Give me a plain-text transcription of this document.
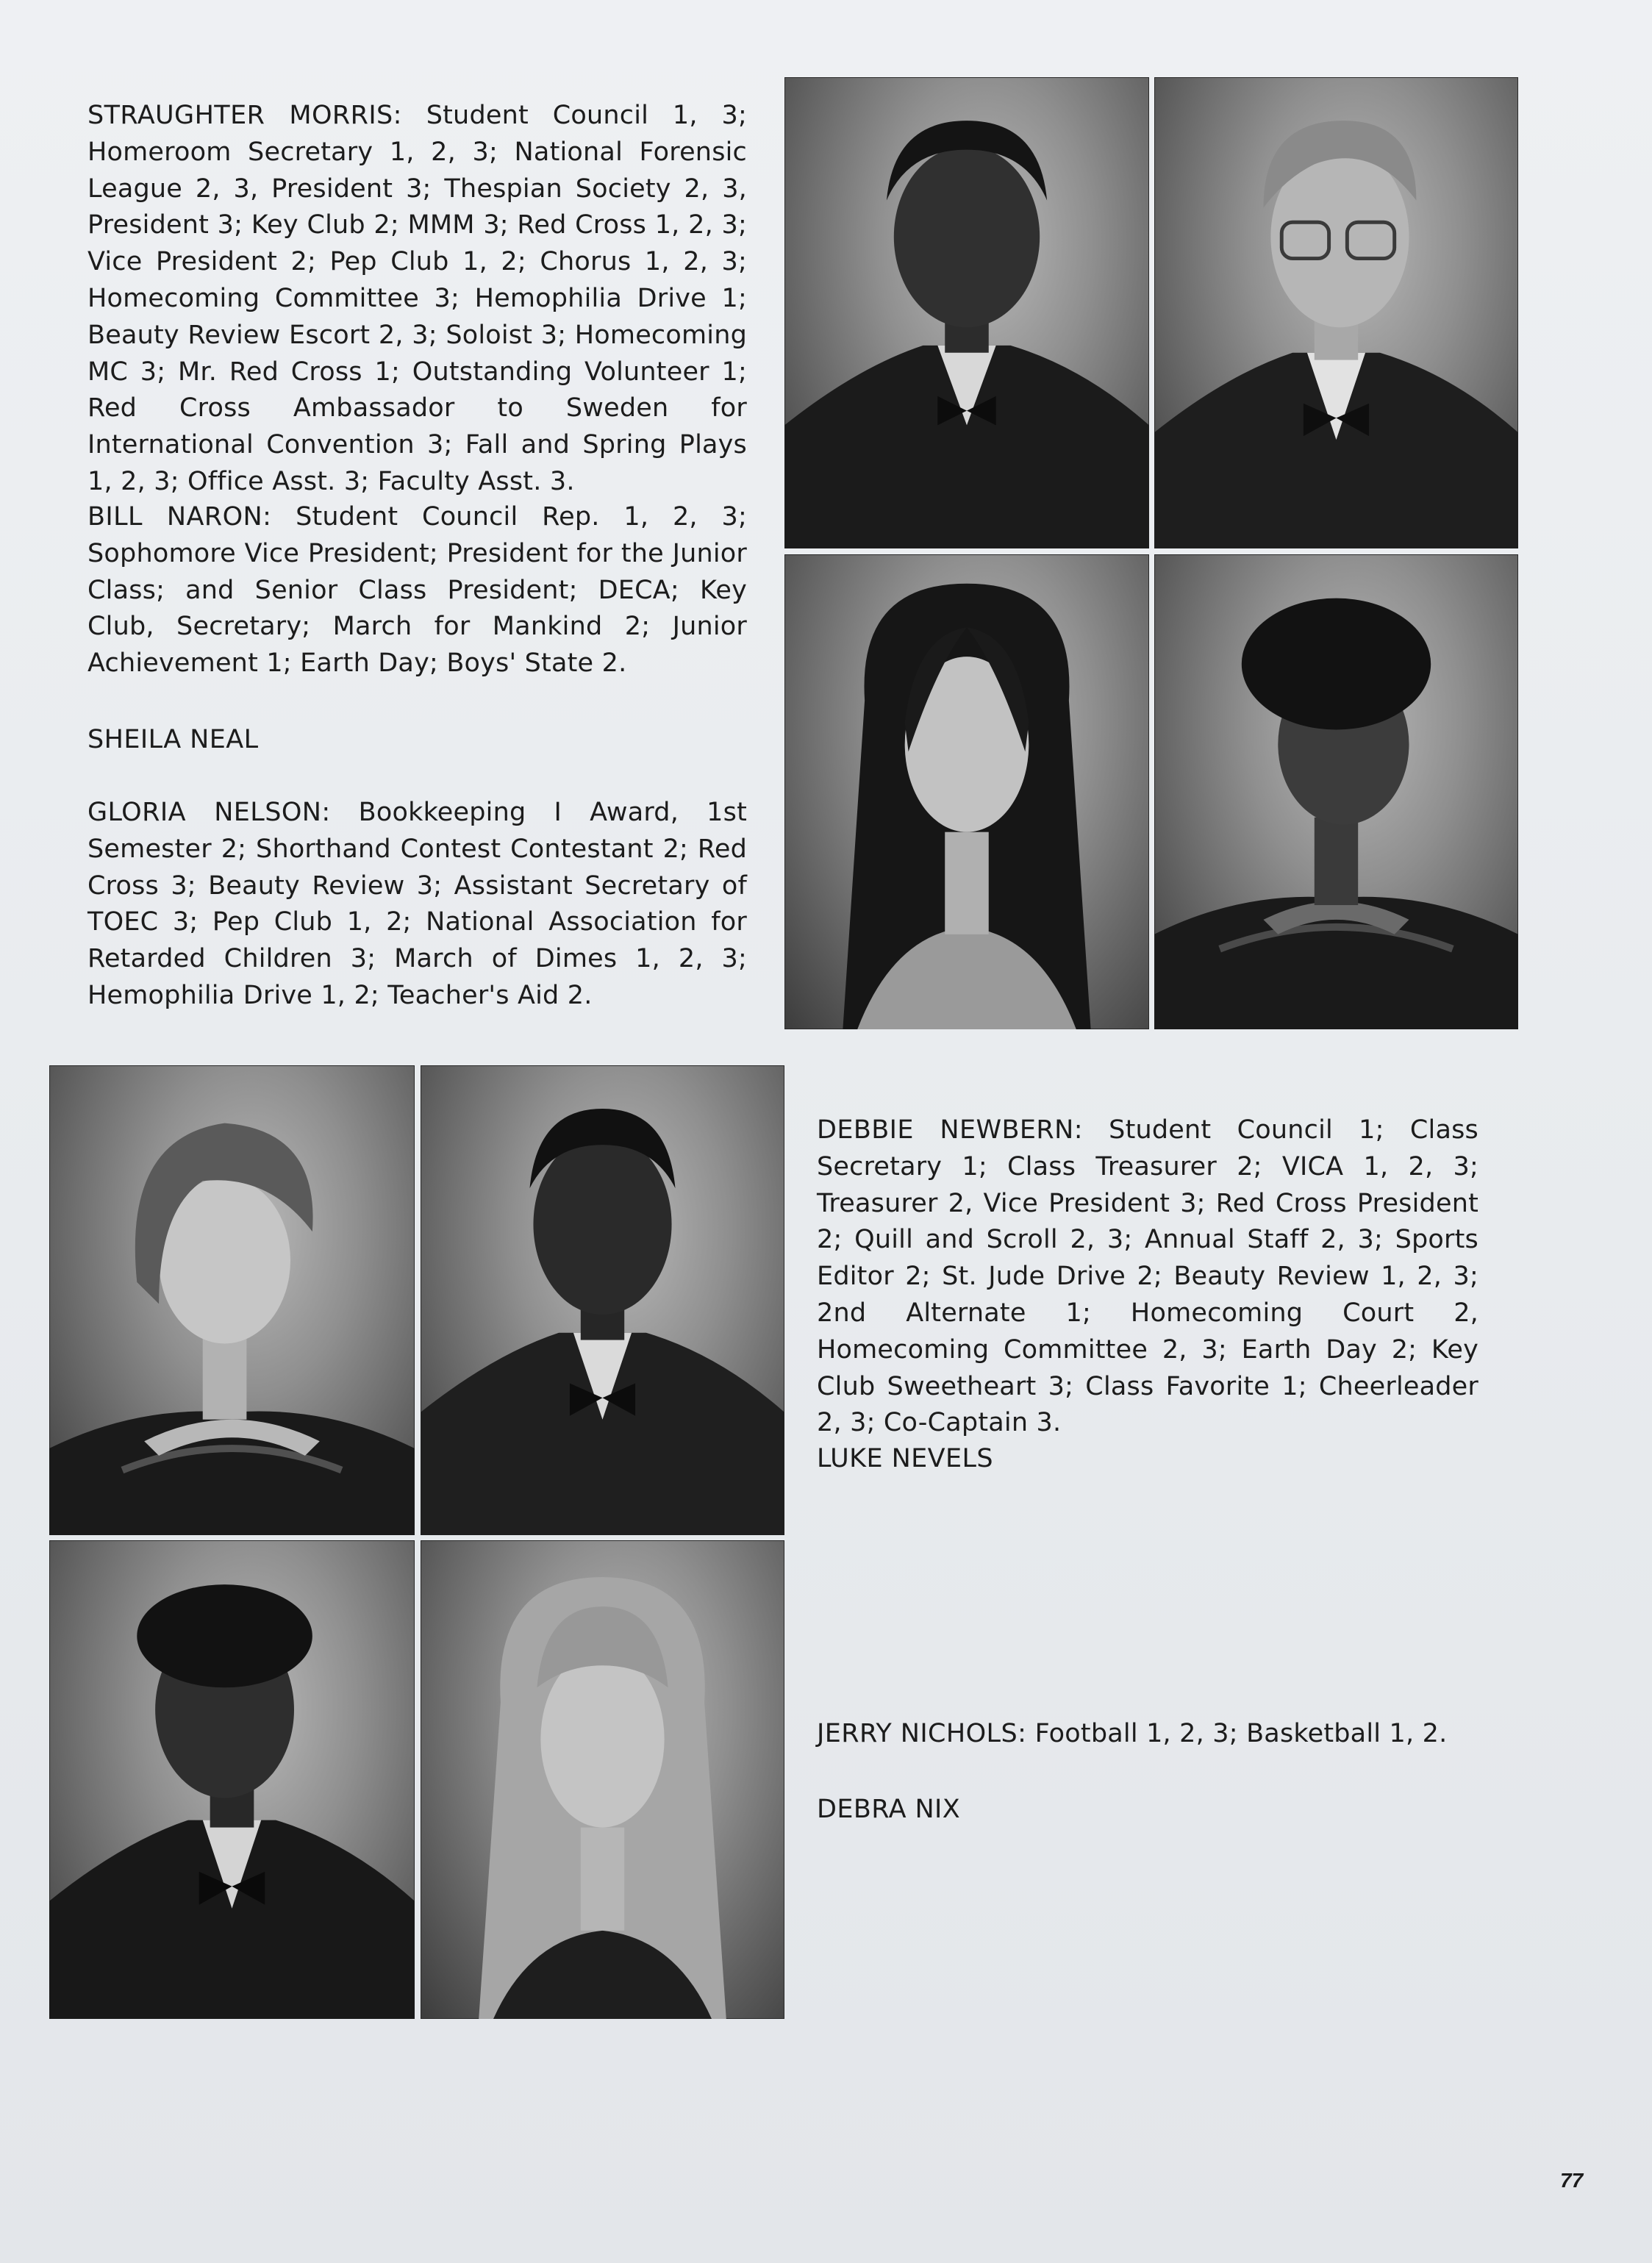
STRAUGHTER MORRIS: Student Council 1, 3; Homeroom Secretary 1, 2, 3; National Forensic League 2, 3, President 3; Thespian Society 2, 3, President 3; Key Club 2; MMM 3; Red Cross 1, 2, 3; Vice President 2; Pep Club 1, 2; Chorus 1, 2, 3; Homecoming Committee 3; Hemophilia Drive 1; Beauty Review Escort 2, 3; Soloist 3; Homecoming MC 3; Mr. Red Cross 1; Outstanding Volunteer 1; Red Cross Ambassador to Sweden for International Convention 3; Fall and Spring Plays 1, 2, 3; Office Asst. 3; Faculty Asst. 3.

BILL NARON: Student Council Rep. 1, 2, 3; Sophomore Vice President; President for the Junior Class; and Senior Class President; DECA; Key Club, Secretary; March for Mankind 2; Junior Achievement 1; Earth Day; Boys' State 2.

SHEILA NEAL

GLORIA NELSON: Bookkeeping I Award, 1st Semester 2; Shorthand Contest Contestant 2; Red Cross 3; Beauty Review 3; Assistant Secretary of TOEC 3; Pep Club 1, 2; National Association for Retarded Children 3; March of Dimes 1, 2, 3; Hemophilia Drive 1, 2; Teacher's Aid 2.

DEBBIE NEWBERN: Student Council 1; Class Secretary 1; Class Treasurer 2; VICA 1, 2, 3; Treasurer 2, Vice President 3; Red Cross President 2; Quill and Scroll 2, 3; Annual Staff 2, 3; Sports Editor 2; St. Jude Drive 2; Beauty Review 1, 2, 3; 2nd Alternate 1; Homecoming Court 2, Homecoming Committee 2, 3; Earth Day 2; Key Club Sweetheart 3; Class Favorite 1; Cheerleader 2, 3; Co-Captain 3.

LUKE NEVELS

JERRY NICHOLS: Football 1, 2, 3; Basketball 1, 2.

DEBRA NIX

77
